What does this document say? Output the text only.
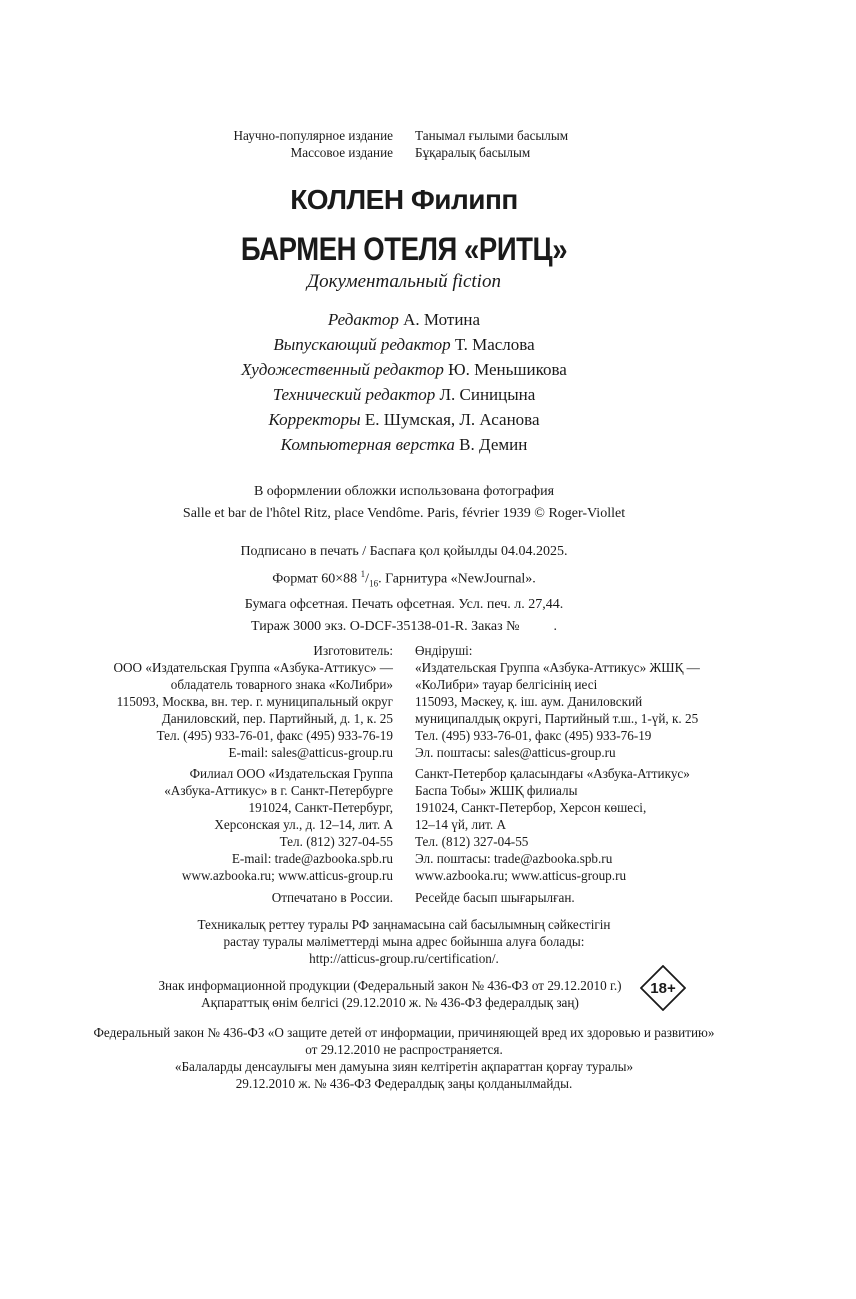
Научно-популярное издание
Массовое издание
Танымал ғылыми басылым
Бұқаралық басылым
КОЛЛЕН Филипп
БАРМЕН ОТЕЛЯ «РИТЦ»
Документальный fiction
Редактор А. Мотина
Выпускающий редактор Т. Маслова
Художественный редактор Ю. Меньшикова
Технический редактор Л. Синицына
Корректоры Е. Шумская, Л. Асанова
Компьютерная верстка В. Демин
В оформлении обложки использована фотография
Salle et bar de l'hôtel Ritz, place Vendôme. Paris, février 1939 © Roger-Viollet
Подписано в печать / Баспаға қол қойылды 04.04.2025.
Формат 60×88 $^1/_{16}$. Гарнитура «NewJournal».
Бумага офсетная. Печать офсетная. Усл. печ. л. 27,44.
Тираж 3000 экз. O-DCF-35138-01-R. Заказ № .
Изготовитель:
ООО «Издательская Группа «Азбука-Аттикус» —
обладатель товарного знака «КоЛибри»
115093, Москва, вн. тер. г. муниципальный округ
Даниловский, пер. Партийный, д. 1, к. 25
Тел. (495) 933-76-01, факс (495) 933-76-19
E-mail: sales@atticus-group.ru
Өндіруші:
«Издательская Группа «Азбука-Аттикус» ЖШҚ —
«КоЛибри» тауар белгісінің иесі
115093, Мәскеу, қ. іш. аум. Даниловский
муниципалдық округі, Партийный т.ш., 1-үй, к. 25
Тел. (495) 933-76-01, факс (495) 933-76-19
Эл. поштасы: sales@atticus-group.ru
Филиал ООО «Издательская Группа
«Азбука-Аттикус» в г. Санкт-Петербурге
191024, Санкт-Петербург,
Херсонская ул., д. 12–14, лит. А
Тел. (812) 327-04-55
E-mail: trade@azbooka.spb.ru
Санкт-Петербор қаласындағы «Азбука-Аттикус»
Баспа Тобы» ЖШҚ филиалы
191024, Санкт-Петербор, Херсон көшесі,
12–14 үй, лит. А
Тел. (812) 327-04-55
Эл. поштасы: trade@azbooka.spb.ru
www.azbooka.ru; www.atticus-group.ru www.azbooka.ru; www.atticus-group.ru
Отпечатано в России. Ресейде басып шығарылған.
Техникалық реттеу туралы РФ заңнамасына сай басылымның сәйкестігін
растау туралы мәліметтерді мына адрес бойынша алуға болады:
http://atticus-group.ru/certification/.
Знак информационной продукции (Федеральный закон № 436-ФЗ от 29.12.2010 г.)
Ақпараттық өнім белгісі (29.12.2010 ж. № 436-ФЗ федералдық заң)
18+
Федеральный закон № 436-ФЗ «О защите детей от информации, причиняющей вред их здоровью и развитию»
от 29.12.2010 не распространяется.
«Балаларды денсаулығы мен дамуына зиян келтiретiн ақпараттан қорғау туралы»
29.12.2010 ж. № 436-ФЗ Федералдық заңы қолданылмайды.
